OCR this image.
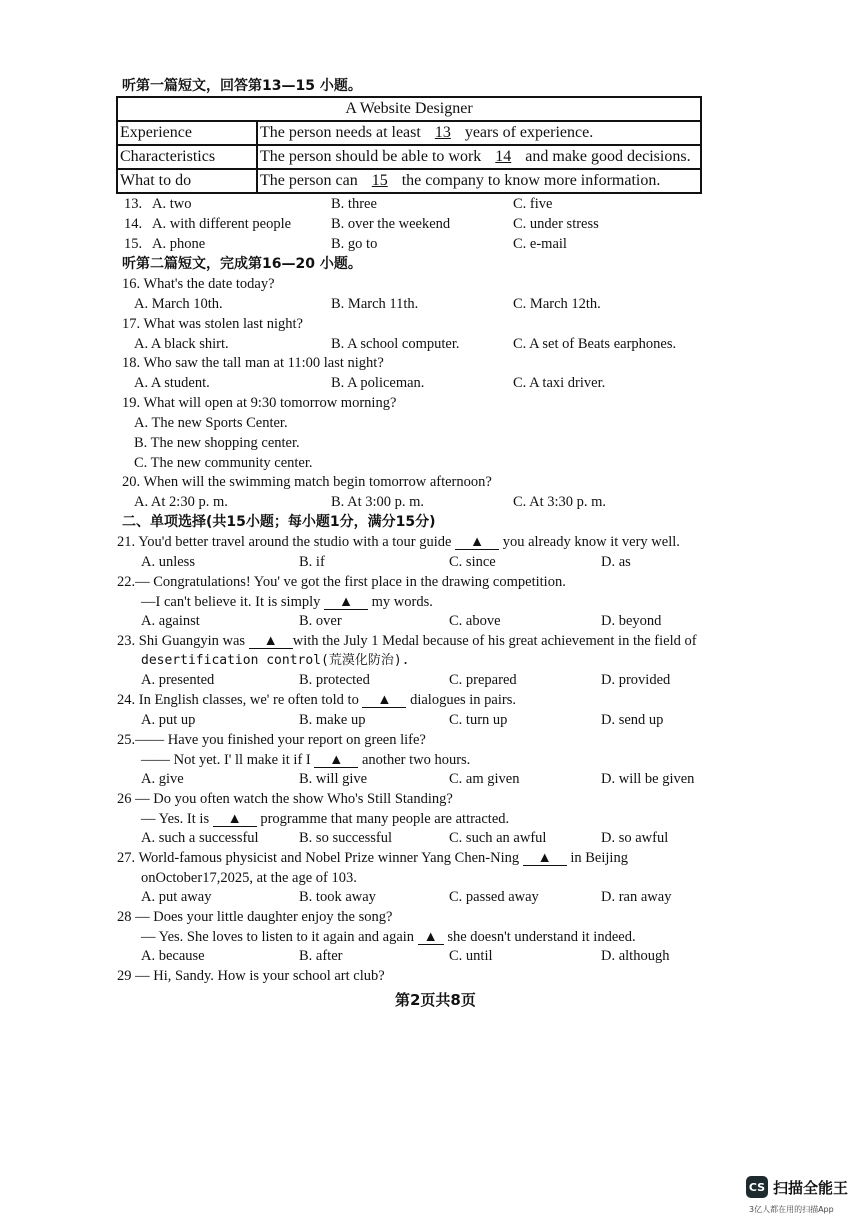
听第一篇短文，回答第13—15 小题。
A Website Designer	
Experience	The person needs at least 13 years of experience.
Characteristics	The person should be able to work 14 and make good decisions.
What to do	The person can 15 the company to know more information.
13. A. two	B. three	C. five
14. A. with different people	B. over the weekend	C. under stress
15. A. phone	B. go to	C. e-mail
听第二篇短文，完成第16—20 小题。
16. What's the date today?
A. March 10th.	B. March 11th.	C. March 12th.
17. What was stolen last night?
A. A black shirt.	B. A school computer.	C. A set of Beats earphones.
18. Who saw the tall man at 11:00 last night?
A. A student.	B. A policeman.	C. A taxi driver.
19. What will open at 9:30 tomorrow morning?
A. The new Sports Center.
B. The new shopping center.
C. The new community center.
20. When will the swimming match begin tomorrow afternoon?
A. At 2:30 p. m.	B. At 3:00 p. m.	C. At 3:30 p. m.
二、单项选择(共15小题；每小题1分，满分15分)
21. You'd better travel around the studio with a tour guide ▲ you already know it very well.
A. unless	B. if	C. since	D. as
22.— Congratulations! You' ve got the first place in the drawing competition.
—I can't believe it. It is simply ▲ my words.
A. against	B. over	C. above	D. beyond
23. Shi Guangyin was ▲ with the July 1 Medal because of his great achievement in the field of
desertification control(荒漠化防治).
A. presented	B. protected	C. prepared	D. provided
24. In English classes, we' re often told to ▲ dialogues in pairs.
A. put up	B. make up	C. turn up	D. send up
25.—— Have you finished your report on green life?
—— Not yet. I' ll make it if I ▲ another two hours.
A. give	B. will give	C. am given	D. will be given
26 — Do you often watch the show Who's Still Standing?
— Yes. It is ▲ programme that many people are attracted.
A. such a successful	B. so successful	C. such an awful	D. so awful
27. World-famous physicist and Nobel Prize winner Yang Chen-Ning ▲ in Beijing
onOctober17,2025, at the age of 103.
A. put away	B. took away	C. passed away	D. ran away
28 — Does your little daughter enjoy the song?
— Yes. She loves to listen to it again and again ▲ she doesn't understand it indeed.
A. because	B. after	C. until	D. although
29 — Hi, Sandy. How is your school art club?
第2页共8页
CS 扫描全能王
3亿人都在用的扫描App
